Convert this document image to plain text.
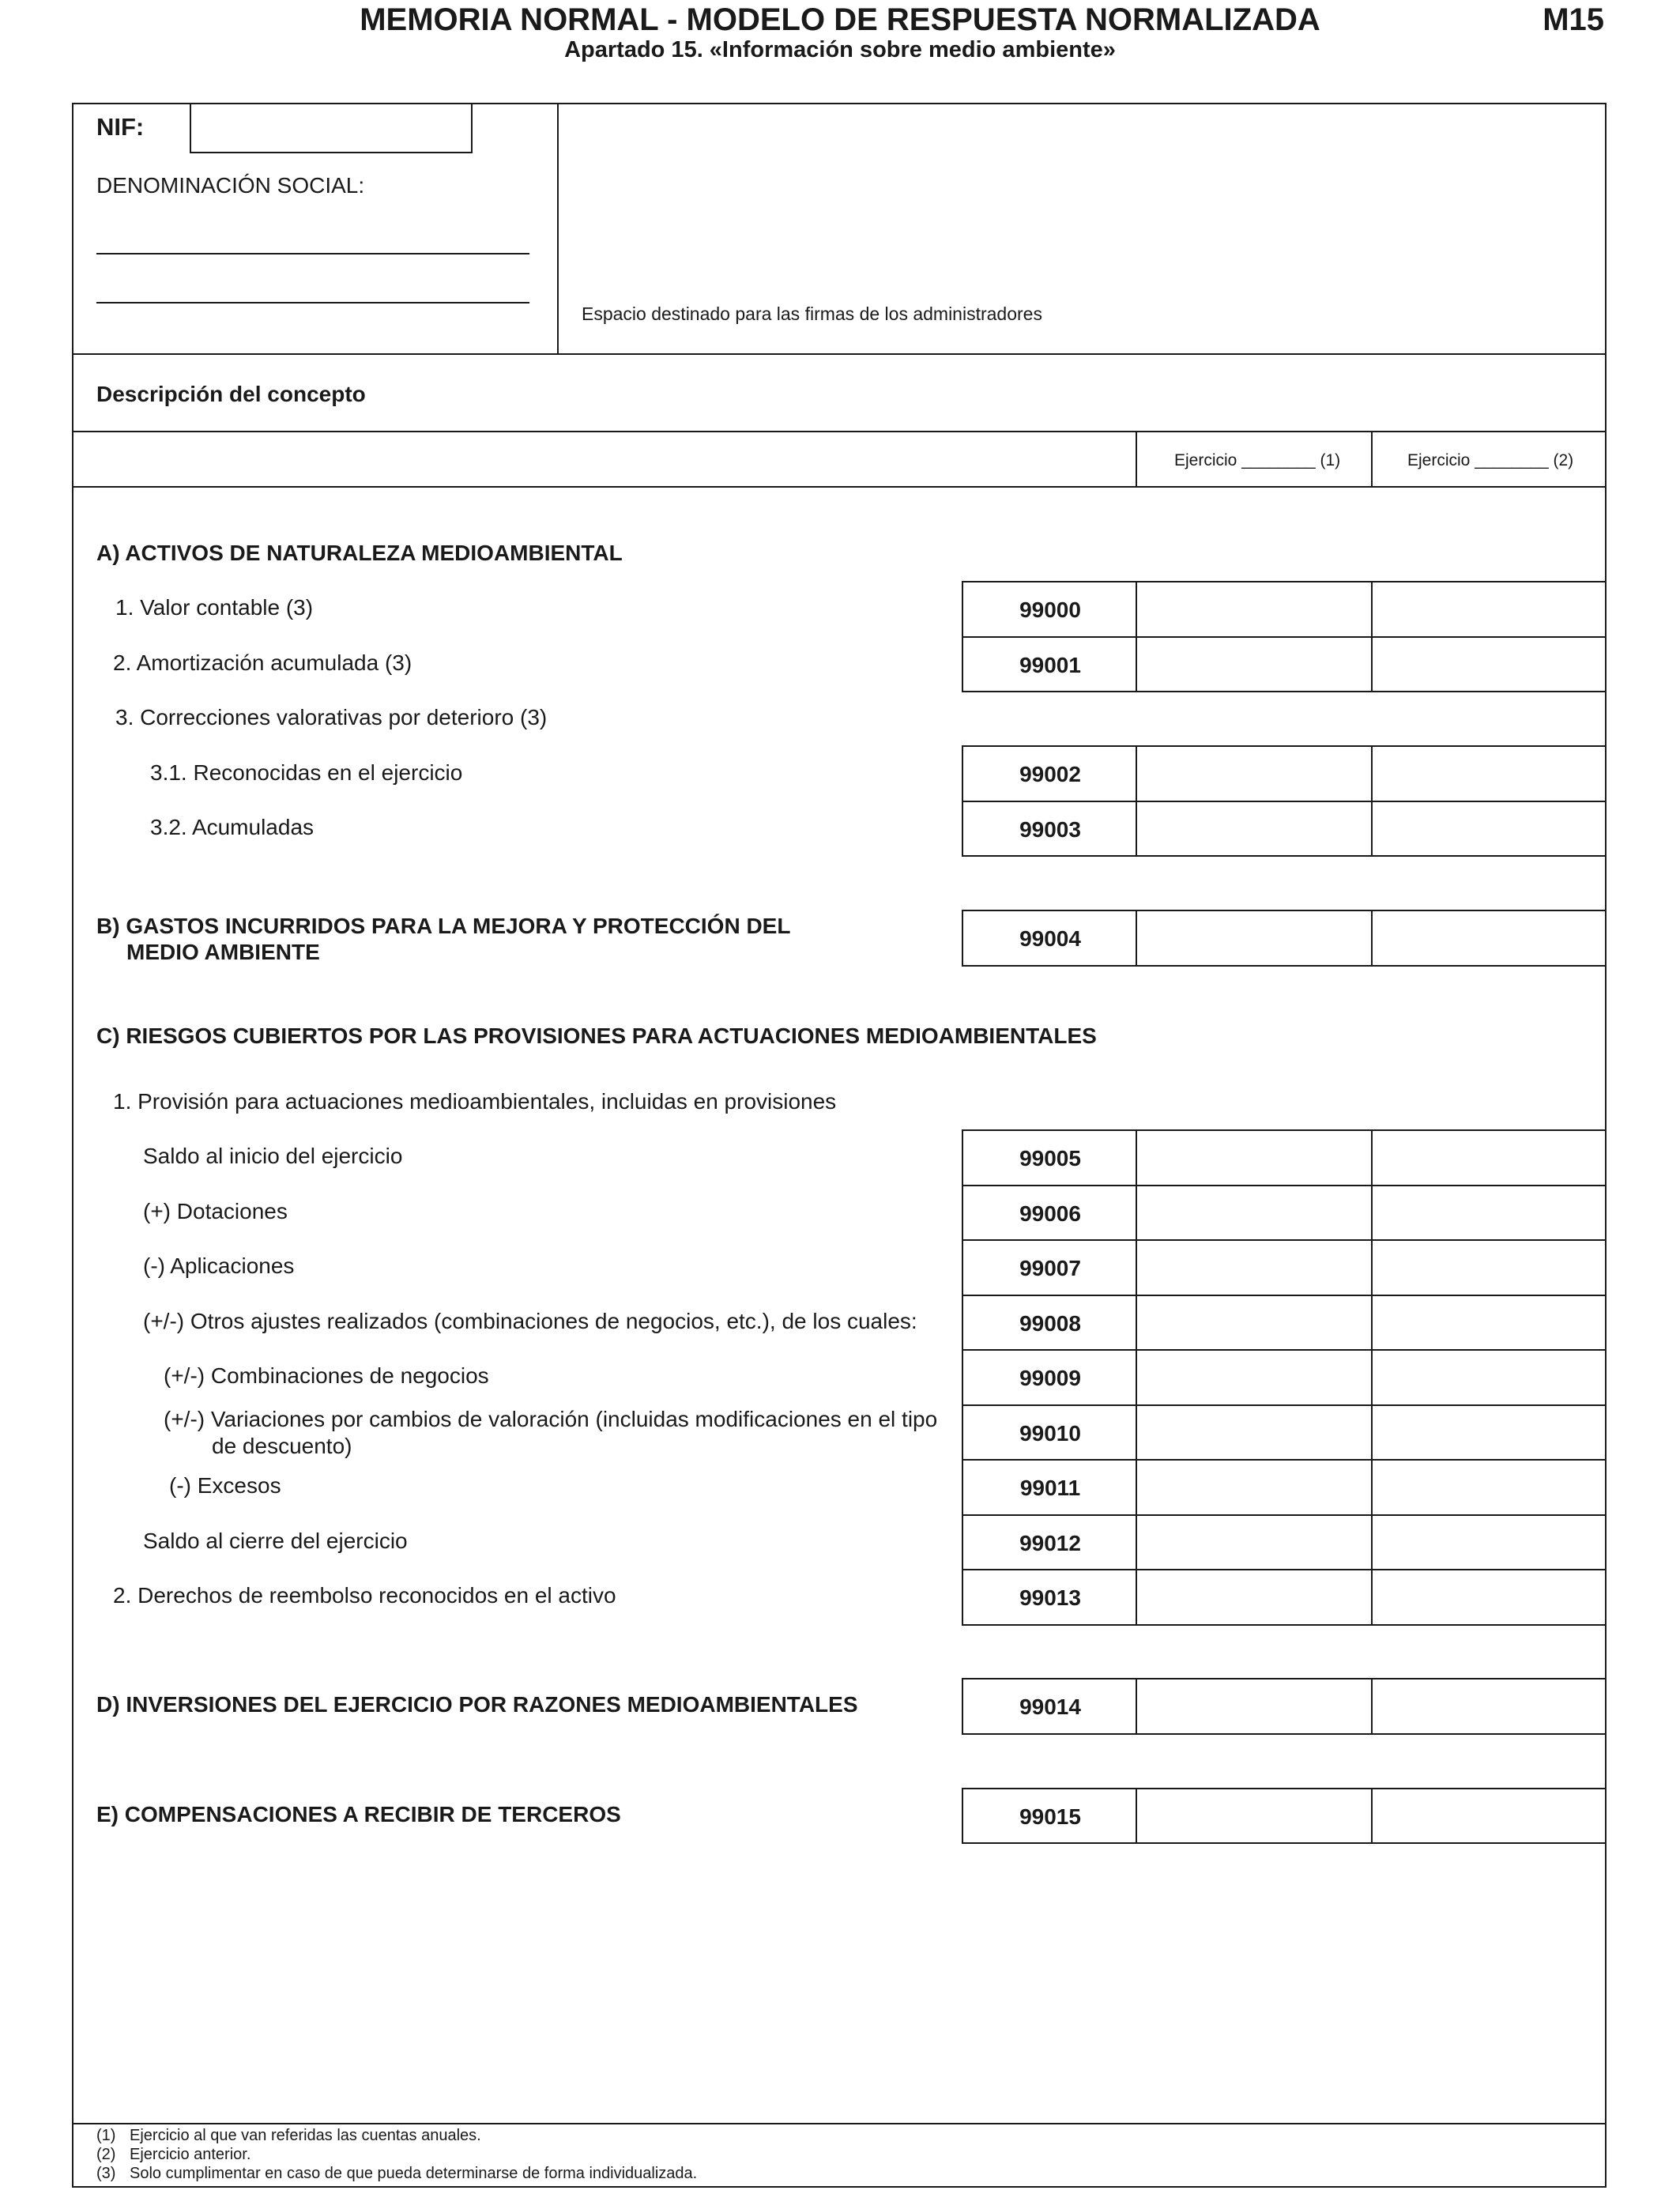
MEMORIA NORMAL - MODELO DE RESPUESTA NORMALIZADA
Apartado 15. «Información sobre medio ambiente»
M15
NIF:
DENOMINACIÓN SOCIAL:
Espacio destinado para las firmas de los administradores
Descripción del concepto
Ejercicio ________ (1)	Ejercicio ________ (2)
A) ACTIVOS DE NATURALEZA MEDIOAMBIENTAL
1. Valor contable (3)
2. Amortización acumulada (3)
3. Correcciones valorativas por deterioro (3)
3.1. Reconocidas en el ejercicio
3.2. Acumuladas
B) GASTOS INCURRIDOS PARA LA MEJORA Y PROTECCIÓN DEL
MEDIO AMBIENTE
C) RIESGOS CUBIERTOS POR LAS PROVISIONES PARA ACTUACIONES MEDIOAMBIENTALES
1. Provisión para actuaciones medioambientales, incluidas en provisiones
Saldo al inicio del ejercicio
(+) Dotaciones
(-) Aplicaciones
(+/-) Otros ajustes realizados (combinaciones de negocios, etc.), de los cuales:
(+/-) Combinaciones de negocios
(+/-) Variaciones por cambios de valoración (incluidas modificaciones en el tipo
de descuento)
(-) Excesos
Saldo al cierre del ejercicio
2. Derechos de reembolso reconocidos en el activo
D) INVERSIONES DEL EJERCICIO POR RAZONES MEDIOAMBIENTALES
E) COMPENSACIONES A RECIBIR DE TERCEROS
99000
99001
99002
99003
99004
99005
99006
99007
99008
99009
99010
99011
99012
99013
99014
99015
(1) Ejercicio al que van referidas las cuentas anuales.
(2) Ejercicio anterior.
(3) Solo cumplimentar en caso de que pueda determinarse de forma individualizada.
